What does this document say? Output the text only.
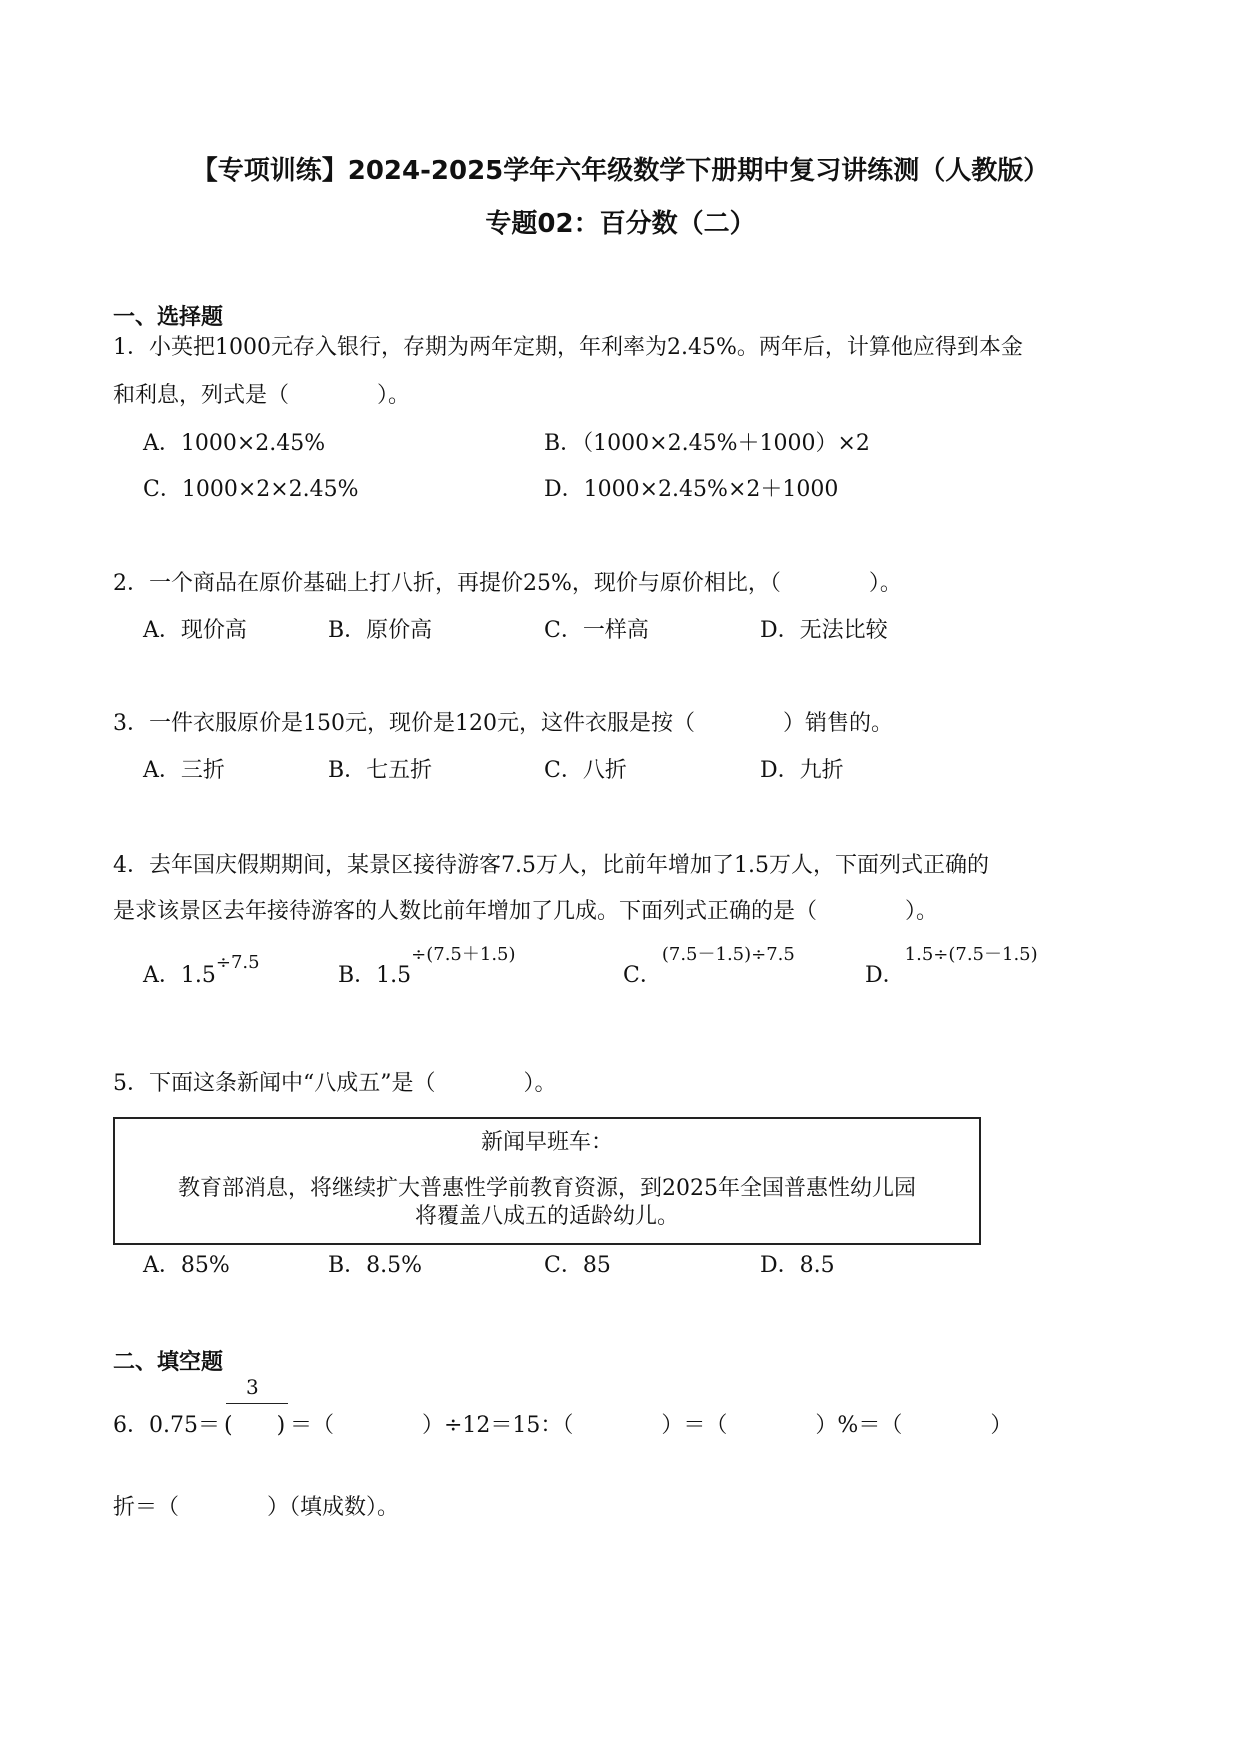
【专项训练】2024-2025学年六年级数学下册期中复习讲练测（人教版）
专题02：百分数（二）
一、选择题
1．小英把1000元存入银行，存期为两年定期，年利率为2.45%。两年后，计算他应得到本金
和利息，列式是（　　　　）。
A．1000×2.45%	B．（1000×2.45%＋1000）×2
C．1000×2×2.45%	D．1000×2.45%×2＋1000
2．一个商品在原价基础上打八折，再提价25%，现价与原价相比，（　　　　）。
A．现价高	B．原价高	C．一样高	D．无法比较
3．一件衣服原价是150元，现价是120元，这件衣服是按（　　　　）销售的。
A．三折	B．七五折	C．八折	D．九折
4．去年国庆假期期间，某景区接待游客7.5万人，比前年增加了1.5万人，下面列式正确的
是求该景区去年接待游客的人数比前年增加了几成。下面列式正确的是（　　　　）。
A．$1.5^{\div 7.5}$
B．$1.5^{\div(7.5+1.5)}$
C．$^{(7.5-1.5)\div 7.5}$
D．$^{1.5\div(7.5-1.5)}$
5．下面这条新闻中“八成五”是（　　　　）。
新闻早班车：
教育部消息，将继续扩大普惠性学前教育资源，到2025年全国普惠性幼儿园
将覆盖八成五的适龄幼儿。
A．85%	B．8.5%	C．85	D．8.5
二、填空题
3
6．0.75＝ (　　) ＝（　　　　）÷12＝15：（　　　　）＝（　　　　）%＝（　　　　）
折＝（　　　　）（填成数）。
